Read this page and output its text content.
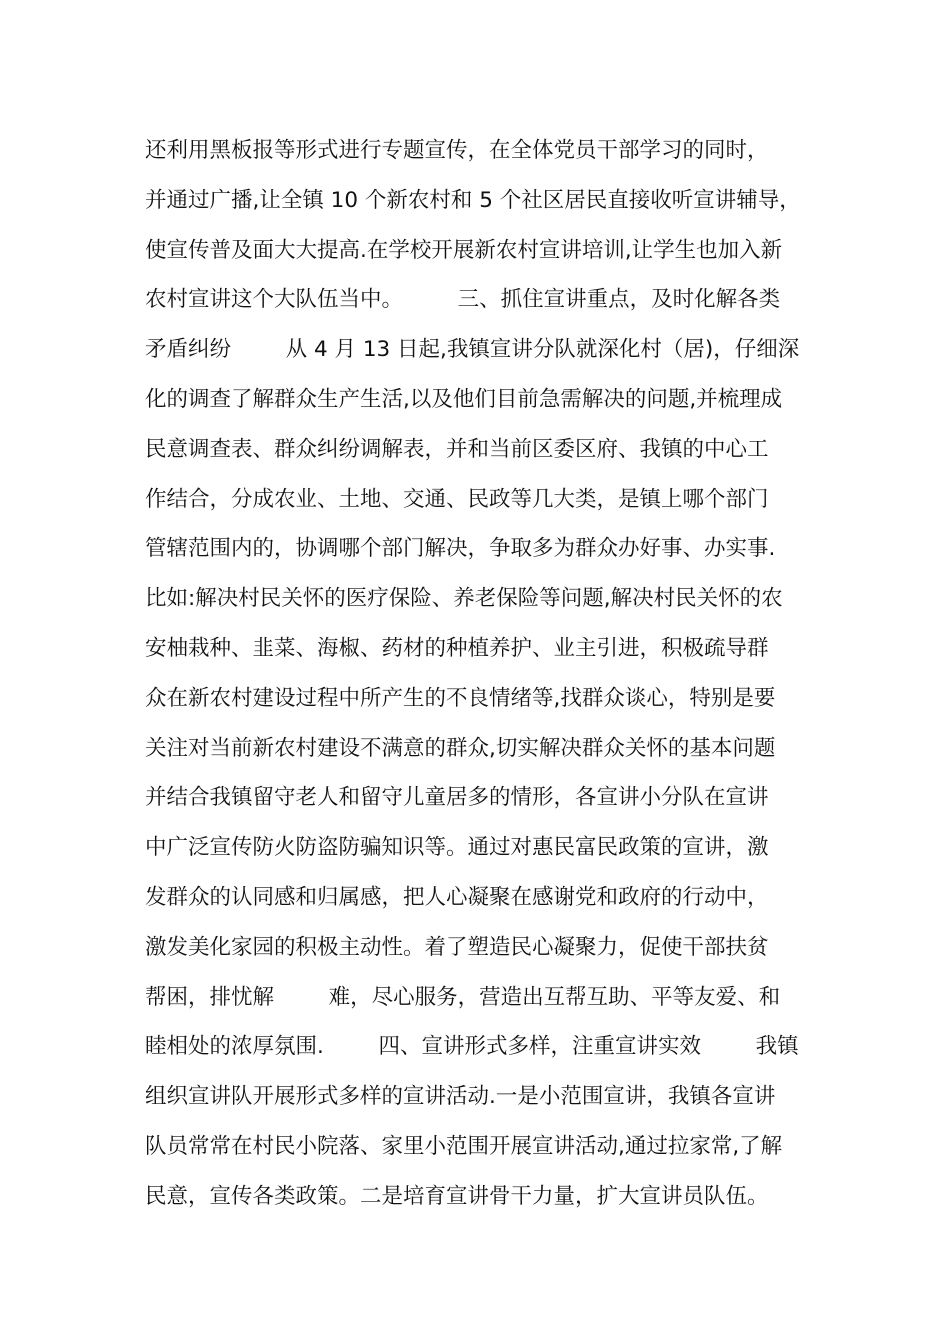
还利用黑板报等形式进行专题宣传，在全体党员干部学习的同时，
并通过广播,让全镇 10 个新农村和 5 个社区居民直接收听宣讲辅导，
使宣传普及面大大提高.在学校开展新农村宣讲培训,让学生也加入新
农村宣讲这个大队伍当中。        三、抓住宣讲重点，及时化解各类
矛盾纠纷        从 4 月 13 日起,我镇宣讲分队就深化村（居)，仔细深
化的调查了解群众生产生活,以及他们目前急需解决的问题,并梳理成
民意调查表、群众纠纷调解表，并和当前区委区府、我镇的中心工
作结合，分成农业、土地、交通、民政等几大类，是镇上哪个部门
管辖范围内的，协调哪个部门解决，争取多为群众办好事、办实事.
比如:解决村民关怀的医疗保险、养老保险等问题,解决村民关怀的农
安柚栽种、韭菜、海椒、药材的种植养护、业主引进，积极疏导群
众在新农村建设过程中所产生的不良情绪等,找群众谈心，特别是要
关注对当前新农村建设不满意的群众,切实解决群众关怀的基本问题
并结合我镇留守老人和留守儿童居多的情形，各宣讲小分队在宣讲
中广泛宣传防火防盗防骗知识等。通过对惠民富民政策的宣讲，激
发群众的认同感和归属感，把人心凝聚在感谢党和政府的行动中，
激发美化家园的积极主动性。着了塑造民心凝聚力，促使干部扶贫
帮困，排忧解        难，尽心服务，营造出互帮互助、平等友爱、和
睦相处的浓厚氛围.        四、宣讲形式多样，注重宣讲实效        我镇
组织宣讲队开展形式多样的宣讲活动.一是小范围宣讲，我镇各宣讲
队员常常在村民小院落、家里小范围开展宣讲活动,通过拉家常,了解
民意，宣传各类政策。二是培育宣讲骨干力量，扩大宣讲员队伍。
